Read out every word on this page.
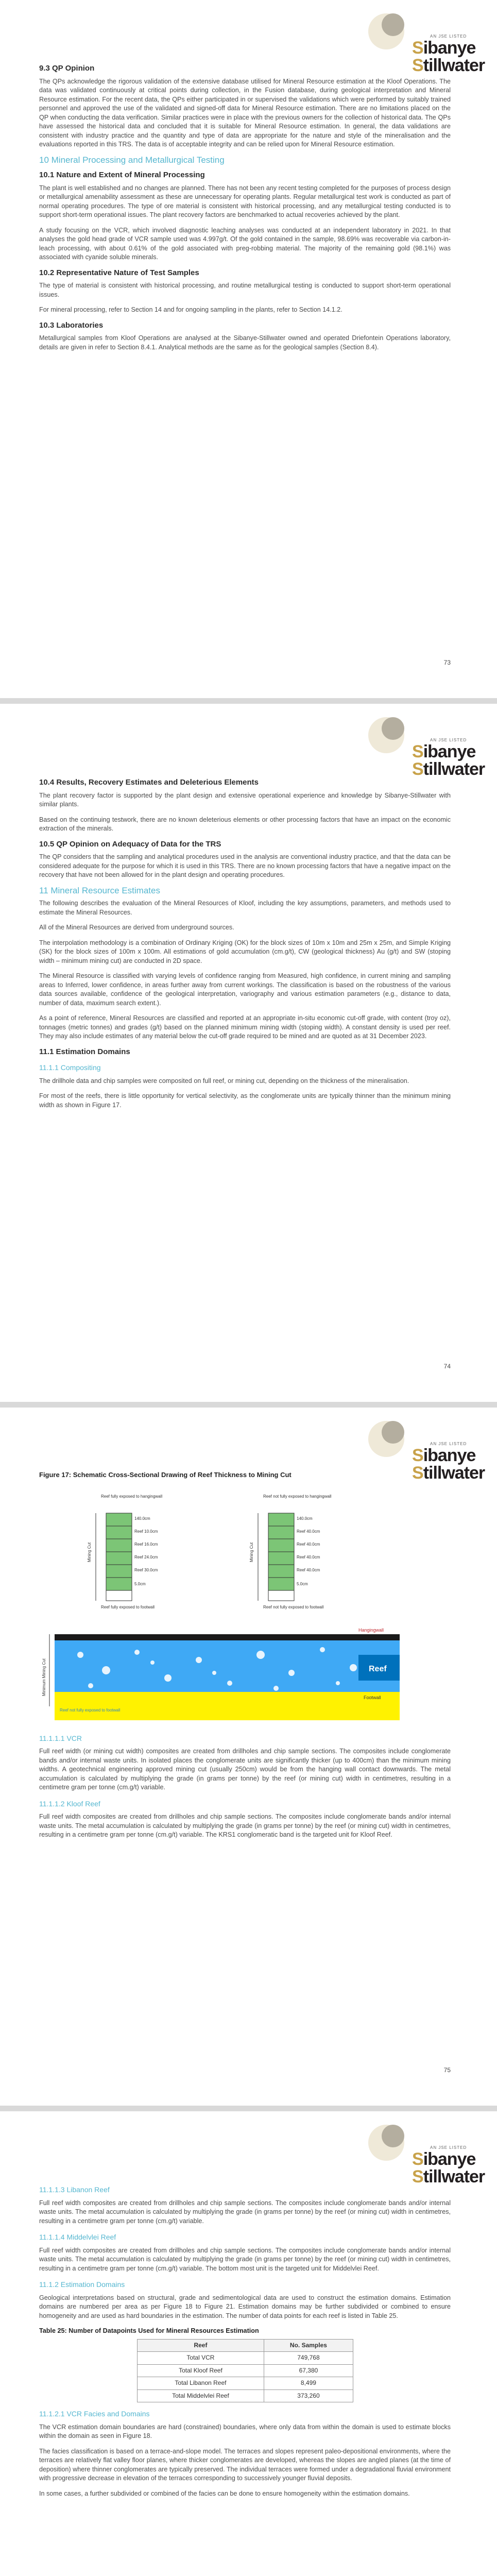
AN JSE LISTED
Sibanye
Stillwater
9.3 QP Opinion

The QPs acknowledge the rigorous validation of the extensive database utilised for Mineral Resource estimation at the Kloof Operations. The data was validated continuously at critical points during collection, in the Fusion database, during geological interpretation and Mineral Resource estimation. For the recent data, the QPs either participated in or supervised the validations which were performed by suitably trained personnel and approved the use of the validated and signed-off data for Mineral Resource estimation. There are no limitations placed on the QP when conducting the data verification. Similar practices were in place with the previous owners for the collection of historical data. The QPs have assessed the historical data and concluded that it is suitable for Mineral Resource estimation. In general, the data validations are consistent with industry practice and the quantity and type of data are appropriate for the nature and style of the mineralisation and the evaluations reported in this TRS. The data is of acceptable integrity and can be relied upon for Mineral Resource estimation.

10 Mineral Processing and Metallurgical Testing
10.1 Nature and Extent of Mineral Processing

The plant is well established and no changes are planned. There has not been any recent testing completed for the purposes of process design or metallurgical amenability assessment as these are unnecessary for operating plants. Regular metallurgical test work is conducted as part of normal operating procedures. The type of ore material is consistent with historical processing, and any metallurgical testing conducted is to support short-term operational issues. The plant recovery factors are benchmarked to actual recoveries achieved by the plant.

A study focusing on the VCR, which involved diagnostic leaching analyses was conducted at an independent laboratory in 2021. In that analyses the gold head grade of VCR sample used was 4.997g/t. Of the gold contained in the sample, 98.69% was recoverable via carbon-in-leach processing, with about 0.61% of the gold associated with preg-robbing material. The majority of the remaining gold (98.1%) was associated with cyanide soluble minerals.

10.2 Representative Nature of Test Samples

The type of material is consistent with historical processing, and routine metallurgical testing is conducted to support short-term operational issues.

For mineral processing, refer to Section 14 and for ongoing sampling in the plants, refer to Section 14.1.2.

10.3 Laboratories

Metallurgical samples from Kloof Operations are analysed at the Sibanye-Stillwater owned and operated Driefontein Operations laboratory, details are given in refer to Section 8.4.1. Analytical methods are the same as for the geological samples (Section 8.4).

73
AN JSE LISTED
Sibanye
Stillwater
10.4 Results, Recovery Estimates and Deleterious Elements

The plant recovery factor is supported by the plant design and extensive operational experience and knowledge by Sibanye-Stillwater with similar plants.

Based on the continuing testwork, there are no known deleterious elements or other processing factors that have an impact on the economic extraction of the minerals.

10.5 QP Opinion on Adequacy of Data for the TRS

The QP considers that the sampling and analytical procedures used in the analysis are conventional industry practice, and that the data can be considered adequate for the purpose for which it is used in this TRS. There are no known processing factors that have a negative impact on the recovery that have not been allowed for in the plant design and operating procedures.

11 Mineral Resource Estimates

The following describes the evaluation of the Mineral Resources of Kloof, including the key assumptions, parameters, and methods used to estimate the Mineral Resources.

All of the Mineral Resources are derived from underground sources.

The interpolation methodology is a combination of Ordinary Kriging (OK) for the block sizes of 10m x 10m and 25m x 25m, and Simple Kriging (SK) for the block sizes of 100m x 100m. All estimations of gold accumulation (cm.g/t), CW (geological thickness) Au (g/t) and SW (stoping width – minimum mining cut) are conducted in 2D space.

The Mineral Resource is classified with varying levels of confidence ranging from Measured, high confidence, in current mining and sampling areas to Inferred, lower confidence, in areas further away from current workings. The classification is based on the robustness of the various data sources available, confidence of the geological interpretation, variography and various estimation parameters (e.g., distance to data, number of data, maximum search extent.).

As a point of reference, Mineral Resources are classified and reported at an appropriate in-situ economic cut-off grade, with content (troy oz), tonnages (metric tonnes) and grades (g/t) based on the planned minimum mining width (stoping width). A constant density is used per reef. They may also include estimates of any material below the cut-off grade required to be mined and are quoted as at 31 December 2023.

11.1 Estimation Domains
11.1.1 Compositing

The drillhole data and chip samples were composited on full reef, or mining cut, depending on the thickness of the mineralisation.

For most of the reefs, there is little opportunity for vertical selectivity, as the conglomerate units are typically thinner than the minimum mining width as shown in Figure 17.

74
AN JSE LISTED
Sibanye
Stillwater
Figure 17: Schematic Cross-Sectional Drawing of Reef Thickness to Mining Cut
Reef fully exposed to hangingwall
140.0cm
Reef 10.0cm
Reef 16.0cm
Reef 24.0cm
Reef 30.0cm
5.0cm
Mining Cut
Reef fully exposed to footwall
Reef not fully exposed to hangingwall
140.0cm
Reef 40.0cm
Reef 40.0cm
Reef 40.0cm
Reef 40.0cm
5.0cm
Mining Cut
Reef not fully exposed to footwall
Reef
Hangingwall
Footwall
Minimum Mining Cut
Reef not fully exposed to footwall
11.1.1.1 VCR

Full reef width (or mining cut width) composites are created from drillholes and chip sample sections. The composites include conglomerate bands and/or internal waste units. In isolated places the conglomerate units are significantly thicker (up to 400cm) than the minimum mining widths. A geotechnical engineering approved mining cut (usually 250cm) would be from the hanging wall contact downwards. The metal accumulation is calculated by multiplying the grade (in grams per tonne) by the reef (or mining cut) width in centimetres, resulting in a centimetre gram per tonne (cm.g/t) variable.

11.1.1.2 Kloof Reef

Full reef width composites are created from drillholes and chip sample sections. The composites include conglomerate bands and/or internal waste units. The metal accumulation is calculated by multiplying the grade (in grams per tonne) by the reef (or mining cut) width in centimetres, resulting in a centimetre gram per tonne (cm.g/t) variable. The KRS1 conglomeratic band is the targeted unit for Kloof Reef.

75
AN JSE LISTED
Sibanye
Stillwater
11.1.1.3 Libanon Reef

Full reef width composites are created from drillholes and chip sample sections. The composites include conglomerate bands and/or internal waste units. The metal accumulation is calculated by multiplying the grade (in grams per tonne) by the reef (or mining cut) width in centimetres, resulting in a centimetre gram per tonne (cm.g/t) variable.

11.1.1.4 Middelvlei Reef

Full reef width composites are created from drillholes and chip sample sections. The composites include conglomerate bands and/or internal waste units. The metal accumulation is calculated by multiplying the grade (in grams per tonne) by the reef (or mining cut) width in centimetres, resulting in a centimetre gram per tonne (cm.g/t) variable. The bottom most unit is the targeted unit for Middelvlei Reef.

11.1.2 Estimation Domains

Geological interpretations based on structural, grade and sedimentological data are used to construct the estimation domains. Estimation domains are numbered per area as per Figure 18 to Figure 21. Estimation domains may be further subdivided or combined to ensure homogeneity and are used as hard boundaries in the estimation. The number of data points for each reef is listed in Table 25.

Table 25: Number of Datapoints Used for Mineral Resources Estimation
Reef	No. Samples
Total VCR	749,768
Total Kloof Reef	67,380
Total Libanon Reef	8,499
Total Middelvlei Reef	373,260
11.1.2.1 VCR Facies and Domains

The VCR estimation domain boundaries are hard (constrained) boundaries, where only data from within the domain is used to estimate blocks within the domain as seen in Figure 18.

The facies classification is based on a terrace-and-slope model. The terraces and slopes represent paleo-depositional environments, where the terraces are relatively flat valley floor planes, where thicker conglomerates are developed, whereas the slopes are angled planes (at the time of deposition) where thinner conglomerates are typically preserved. The individual terraces were formed under a degradational fluvial environment with progressive decrease in elevation of the terraces corresponding to successively younger fluvial deposits.

In some cases, a further subdivided or combined of the facies can be done to ensure homogeneity within the estimation domains.
